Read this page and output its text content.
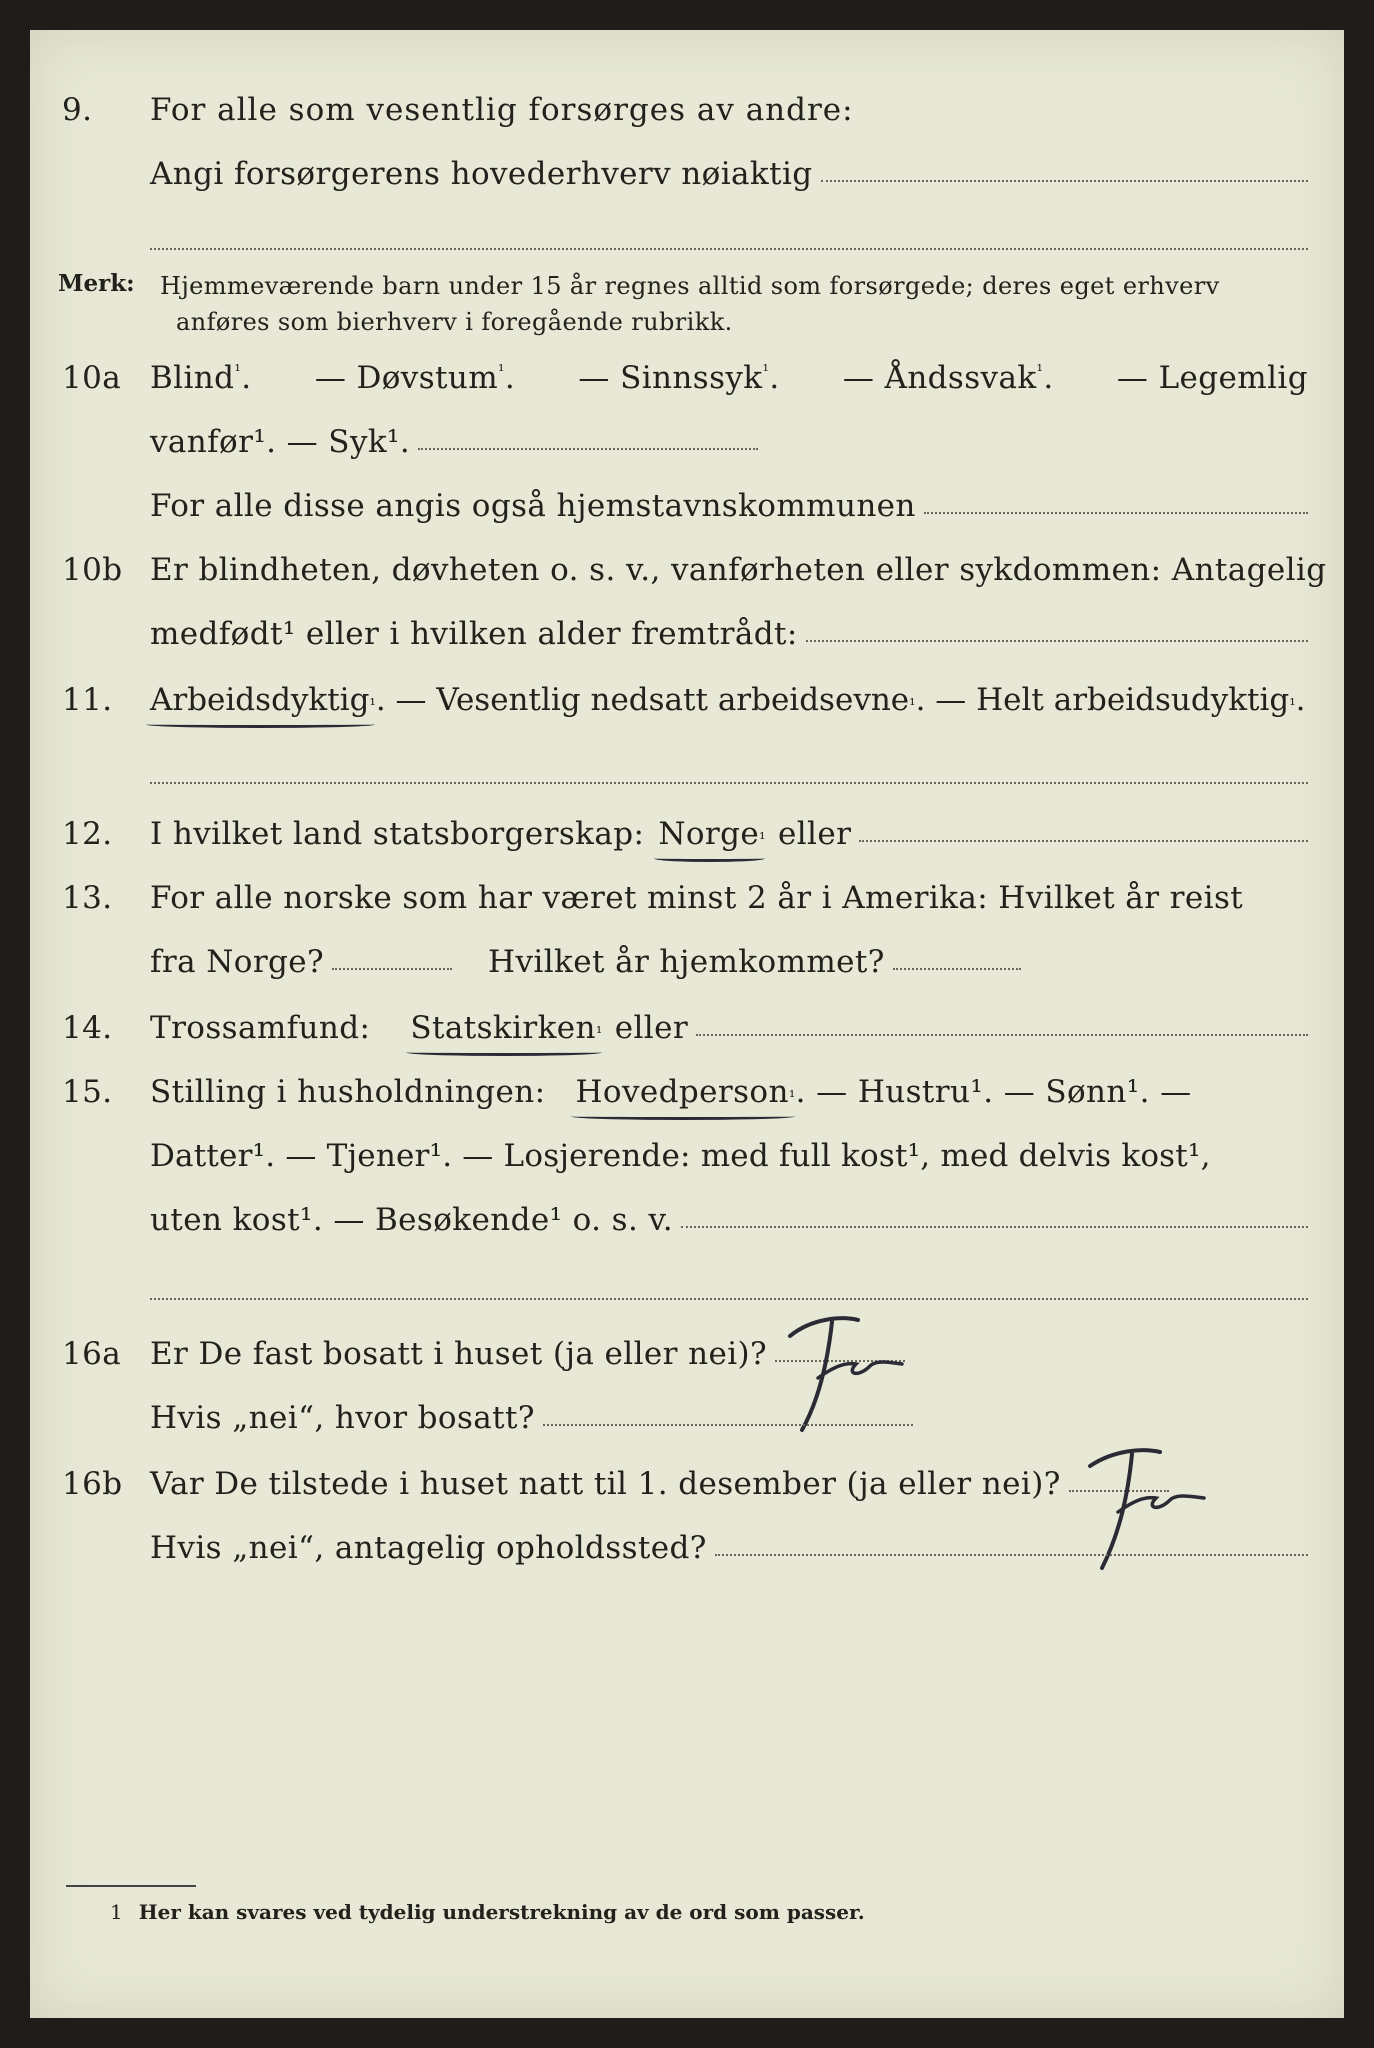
9. For alle som vesentlig forsørges av andre:
Angi forsørgerens hovederhverv nøiaktig
Merk: Hjemmeværende barn under 15 år regnes alltid som forsørgede; deres eget erhverv
anføres som bierhverv i foregående rubrikk.
10a Blind$^{^1}$. — Døvstum$^{^1}$. — Sinnssyk$^{^1}$. — Åndssvak$^{^1}$. — Legemlig
vanfør¹. — Syk¹.
For alle disse angis også hjemstavnskommunen
10b Er blindheten, døvheten o. s. v., vanførheten eller sykdommen: Antagelig
medfødt¹ eller i hvilken alder fremtrådt:
11. Arbeidsdyktig ¹ . — Vesentlig nedsatt arbeidsevne ¹ . — Helt arbeidsudyktig ¹ .
12. I hvilket land statsborgerskap: Norge ¹ eller
13. For alle norske som har været minst 2 år i Amerika: Hvilket år reist
fra Norge?	Hvilket år hjemkommet?
14. Trossamfund: Statskirken ¹ eller
15. Stilling i husholdningen: Hovedperson ¹ . — Hustru¹. — Sønn¹. —
Datter¹. — Tjener¹. — Losjerende: med full kost¹, med delvis kost¹,
uten kost¹. — Besøkende¹ o. s. v.
16a Er De fast bosatt i huset (ja eller nei)?
Hvis „nei“, hvor bosatt?
16b Var De tilstede i huset natt til 1. desember (ja eller nei)?
Hvis „nei“, antagelig opholdssted?
1 Her kan svares ved tydelig understrekning av de ord som passer.
